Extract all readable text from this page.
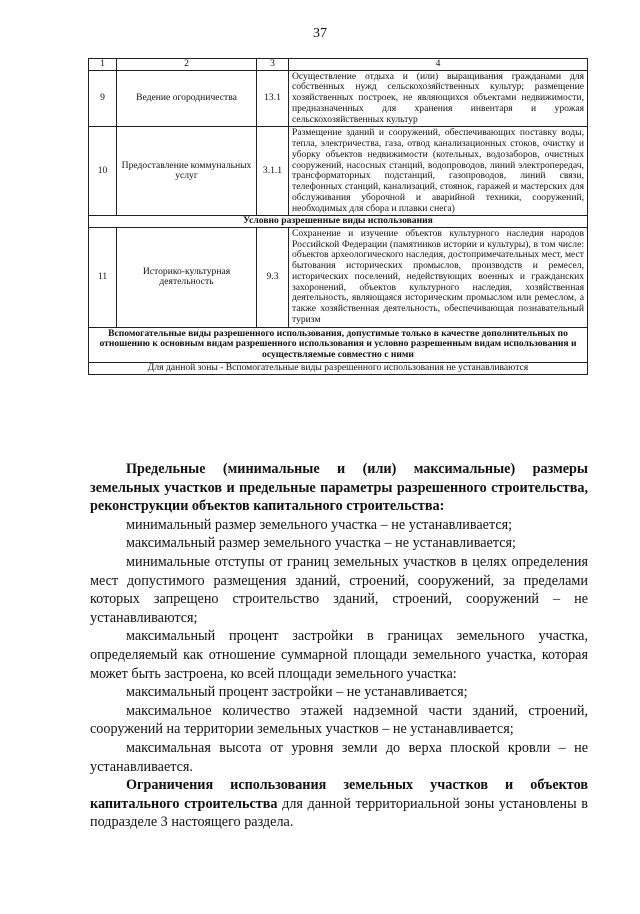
37
1	2	3	4
9	Ведение огородничества	13.1	Осуществление отдыха и (или) выращивания гражданами для собственных нужд сельскохозяйственных культур; размещение хозяйственных построек, не являющихся объектами недвижимости, предназначенных для хранения инвентаря и урожая сельскохозяйственных культур
10	Предоставление коммунальных услуг	3.1.1	Размещение зданий и сооружений, обеспечивающих поставку воды, тепла, электричества, газа, отвод канализационных стоков, очистку и уборку объектов недвижимости (котельных, водозаборов, очистных сооружений, насосных станций, водопроводов, линий электропередач, трансформаторных подстанций, газопроводов, линий связи, телефонных станций, канализаций, стоянок, гаражей и мастерских для обслуживания уборочной и аварийной техники, сооружений, необходимых для сбора и плавки снега)
Условно разрешенные виды использования			
11	Историко-культурная деятельность	9.3	Сохранение и изучение объектов культурного наследия народов Российской Федерации (памятников истории и культуры), в том числе: объектов археологического наследия, достопримечательных мест, мест бытования исторических промыслов, производств и ремесел, исторических поселений, недействующих военных и гражданских захоронений, объектов культурного наследия, хозяйственная деятельность, являющаяся историческим промыслом или ремеслом, а также хозяйственная деятельность, обеспечивающая познавательный туризм
Вспомогательные виды разрешенного использования, допустимые только в качестве дополнительных по отношению к основным видам разрешенного использования и условно разрешенным видам использования и осуществляемые совместно с ними			
Для данной зоны - Вспомогательные виды разрешенного использования не устанавливаются			

Предельные (минимальные и (или) максимальные) размеры земельных участков и предельные параметры разрешенного строительства, реконструкции объектов капитального строительства:

минимальный размер земельного участка – не устанавливается;

максимальный размер земельного участка – не устанавливается;

минимальные отступы от границ земельных участков в целях определения мест допустимого размещения зданий, строений, сооружений, за пределами которых запрещено строительство зданий, строений, сооружений – не устанавливаются;

максимальный процент застройки в границах земельного участка, определяемый как отношение суммарной площади земельного участка, которая может быть застроена, ко всей площади земельного участка:

максимальный процент застройки – не устанавливается;

максимальное количество этажей надземной части зданий, строений, сооружений на территории земельных участков – не устанавливается;

максимальная высота от уровня земли до верха плоской кровли – не устанавливается.

Ограничения использования земельных участков и объектов капитального строительства для данной территориальной зоны установлены в подразделе 3 настоящего раздела.
